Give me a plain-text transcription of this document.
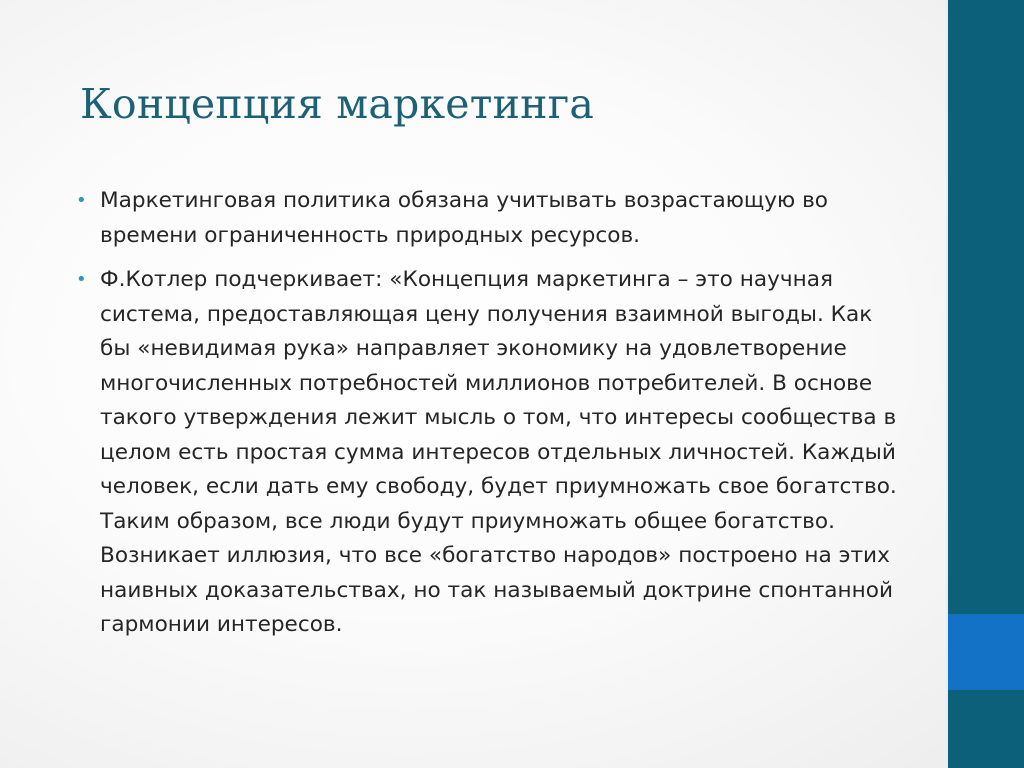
Концепция маркетинга
• Маркетинговая политика обязана учитывать возрастающую во времени ограниченность природных ресурсов.
• Ф.Котлер подчеркивает: «Концепция маркетинга – это научная система, предоставляющая цену получения взаимной выгоды. Как бы «невидимая рука» направляет экономику на удовлетворение многочисленных потребностей миллионов потребителей. В основе такого утверждения лежит мысль о том, что интересы сообщества в целом есть простая сумма интересов отдельных личностей. Каждый человек, если дать ему свободу, будет приумножать свое богатство. Таким образом, все люди будут приумножать общее богатство. Возникает иллюзия, что все «богатство народов» построено на этих наивных доказательствах, но так называемый доктрине спонтанной гармонии интересов.
